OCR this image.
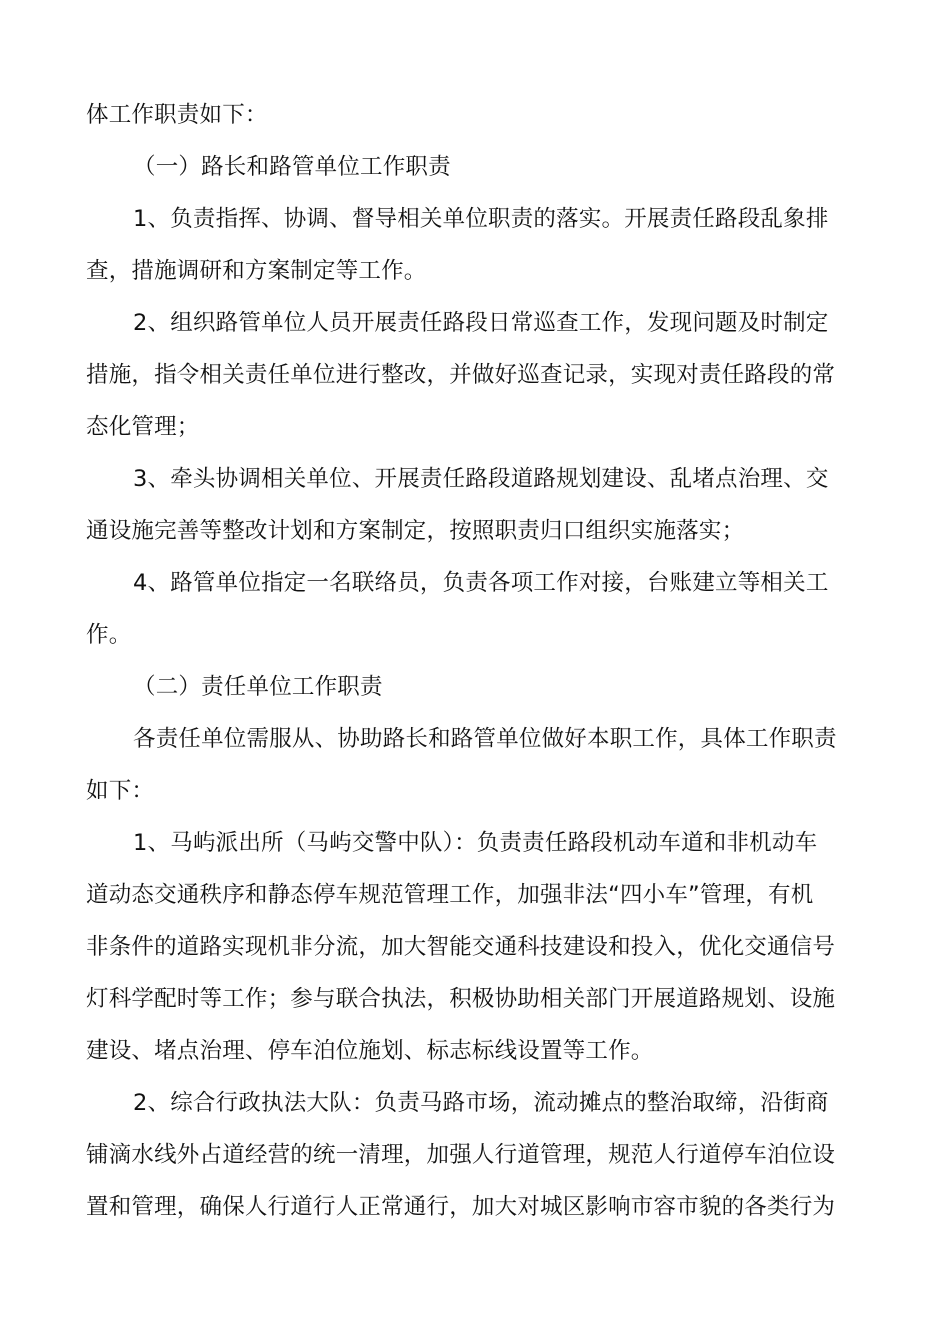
体工作职责如下：
（一）路长和路管单位工作职责
1、负责指挥、协调、督导相关单位职责的落实。开展责任路段乱象排
查，措施调研和方案制定等工作。
2、组织路管单位人员开展责任路段日常巡查工作，发现问题及时制定
措施，指令相关责任单位进行整改，并做好巡查记录，实现对责任路段的常
态化管理；
3、牵头协调相关单位、开展责任路段道路规划建设、乱堵点治理、交
通设施完善等整改计划和方案制定，按照职责归口组织实施落实；
4、路管单位指定一名联络员，负责各项工作对接，台账建立等相关工
作。
（二）责任单位工作职责
各责任单位需服从、协助路长和路管单位做好本职工作，具体工作职责
如下：
1、马屿派出所（马屿交警中队）：负责责任路段机动车道和非机动车
道动态交通秩序和静态停车规范管理工作，加强非法“四小车”管理，有机
非条件的道路实现机非分流，加大智能交通科技建设和投入，优化交通信号
灯科学配时等工作；参与联合执法，积极协助相关部门开展道路规划、设施
建设、堵点治理、停车泊位施划、标志标线设置等工作。
2、综合行政执法大队：负责马路市场，流动摊点的整治取缔，沿街商
铺滴水线外占道经营的统一清理，加强人行道管理，规范人行道停车泊位设
置和管理，确保人行道行人正常通行，加大对城区影响市容市貌的各类行为
